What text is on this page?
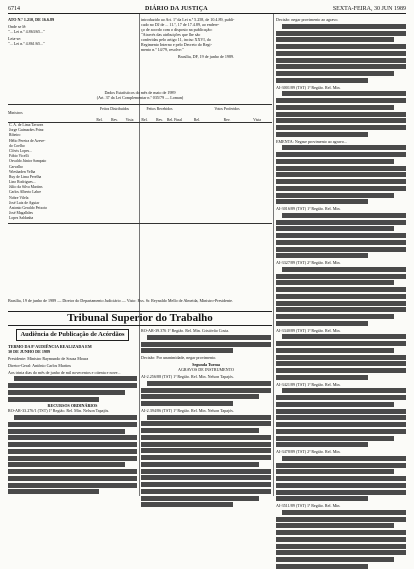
6714	DIÁRIO DA JUSTIÇA	SEXTA-FEIRA, 30 JUN 1989
ATO N.º 1.210, DE 16.6.89
Onde se lê:
"... Lei n.º 4.863/65..."
Leia-se:
"... Lei n.º 4.861/65..."
introduzido ao Art. 1º da Lei n.º 5.258, de 10.4.89, publi-
cado no DJ de ... 11.º, 17 de 17.4.89, ao endere-
ço de acordo com o disposto na publicação:
"Através das atribuições que lhe são
conferidas pelo artigo 11, inciso XXVI, do
Regimento Interno e pelo Decreto do Regi-
mento n.º 14/79, resolve:"
Brasília, DF, 19 de junho de 1989.
Dados Estatísticos do mês de maio de 1989
(Art. 37 da Lei Complementar n.º 035/79 — Loman)
Ministros
Feitos Distribuídos
Rel.	Rev.	Vista
Feitos Recebidos
Rel.	Rev.	Rel. Final
Votos Proferidos
Rel.	Rev.	Vista
C. A. de Lima Tavarez
Jorge Guimarães Prinz
Ribeiro
Hélio Pereira de Azeve-
do Coelho
Clóvis Lopes...
Fábio Vicelli
Osvaldo Júnior Sampaio
Carvalho
Wiesbaden Velha
Ruy de Lima Perelha
Lino Rodrigues...
Júlio da Silva Martins
Carlos Alberto Labre
Nobre Vilela
José Luiz de Aguiar
Antonio Geraldo Peixoto
José Magalhães
Lopes Saldanha
Brasília, 19 de junho de 1989 — Diretor do Departamento Judiciário — Visto: Exs. Sr. Reynaldo Mello de Almeida, Ministro-Presidente.
Tribunal Superior do Trabalho
Audiência de Publicação de Acórdãos
TERMO DA 8ª AUDIÊNCIA REALIZADA EM
30 DE JUNHO DE 1989
Presidente: Ministro Raymundo de Souza Moura
Diretor-Geral: Antônio Carlos Martins
Aos trinta dias do mês de junho de mil novecentos e oitenta e nove...
RECURSOS ORDINÁRIOS
RO-AR-33.276/1 (TST) 1ª Região. Rel. Min. Nelson Tapajós.
RO-AR-39.376 1ª Região. Rel. Min. Cristóvão Costa.
Decisão: Por unanimidade, negar provimento.
Segunda Turma
AGRAVOS DE INSTRUMENTO
AI-2.256/88 (TST) 1ª Região. Rel. Min. Nelson Tapajós.
AI-2.394/86 (TST) 1ª Região. Rel. Min. Nelson Tapajós.
Decisão: negar provimento ao agravo.
AI-3001/89 (TST) 1ª Região. Rel. Min.
EMENTA: Negase provimento ao agravo...
AI-3016/89 (TST) 1ª Região. Rel. Min.
AI-3327/89 (TST) 2ª Região. Rel. Min.
AI-3340/89 (TST) 1ª Região. Rel. Min.
AI-3421/89 (TST) 1ª Região. Rel. Min.
AI-3478/89 (TST) 2ª Região. Rel. Min.
AI-3511/89 (TST) 1ª Região. Rel. Min.
